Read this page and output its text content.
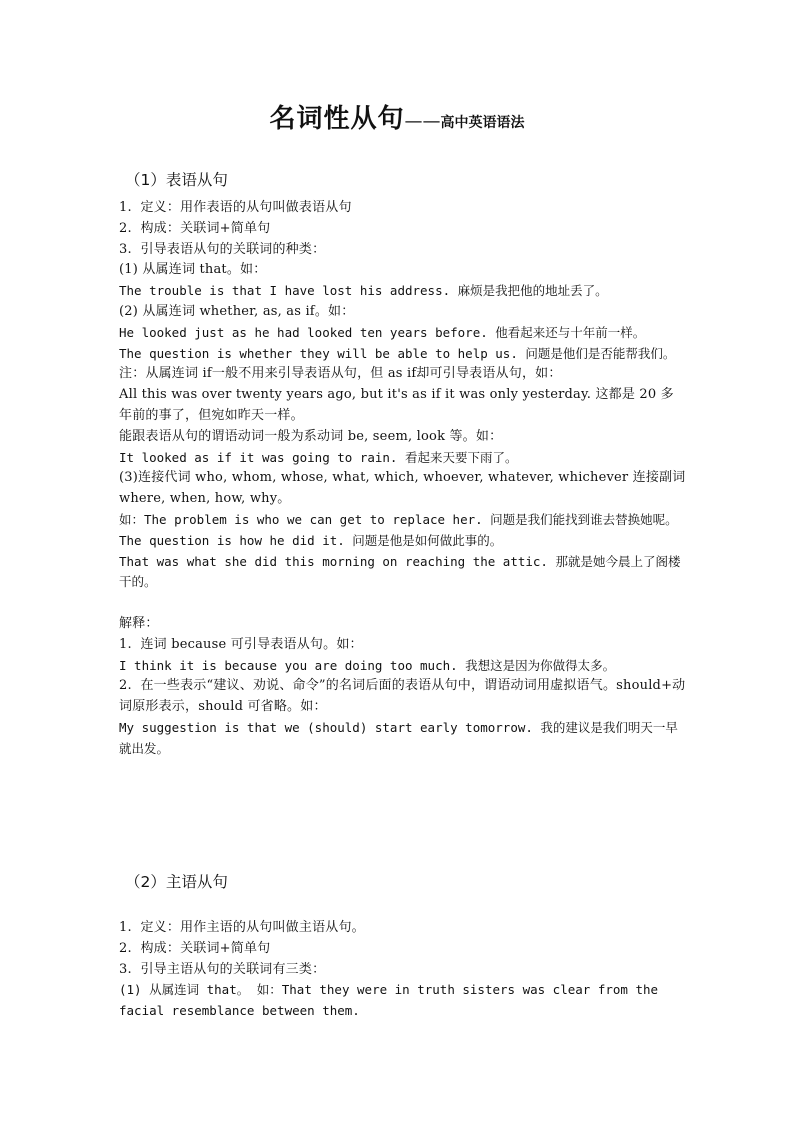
名词性从句——高中英语语法
（1）表语从句

1.  定义：用作表语的从句叫做表语从句

2.  构成：关联词+简单句

3.  引导表语从句的关联词的种类：

(1) 从属连词 that。如：

The trouble is that I have lost his address. 麻烦是我把他的地址丢了。

(2) 从属连词 whether, as, as if。如：

He looked just as he had looked ten years before. 他看起来还与十年前一样。

The question is whether they will be able to help us. 问题是他们是否能帮我们。

注：从属连词 if一般不用来引导表语从句，但 as if却可引导表语从句，如：

All this was over twenty years ago, but it's as if it was only yesterday. 这都是 20 多年前的事了，但宛如昨天一样。

能跟表语从句的谓语动词一般为系动词 be, seem, look 等。如：

It looked as if it was going to rain. 看起来天要下雨了。

(3)连接代词 who, whom, whose, what, which, whoever, whatever, whichever 连接副词 where, when, how, why。

如：The problem is who we can get to replace her. 问题是我们能找到谁去替换她呢。

The question is how he did it. 问题是他是如何做此事的。

That was what she did this morning on reaching the attic. 那就是她今晨上了阁楼干的。

解释：

1.  连词 because 可引导表语从句。如：

I think it is because you are doing too much. 我想这是因为你做得太多。

2.  在一些表示“建议、劝说、命令”的名词后面的表语从句中，谓语动词用虚拟语气。should+动词原形表示，should 可省略。如：

My suggestion is that we (should) start early tomorrow. 我的建议是我们明天一早就出发。

（2）主语从句

1.  定义：用作主语的从句叫做主语从句。

2.  构成：关联词+简单句

3.  引导主语从句的关联词有三类：

(1) 从属连词 that。 如：That they were in truth sisters was clear from the facial resemblance between them.
